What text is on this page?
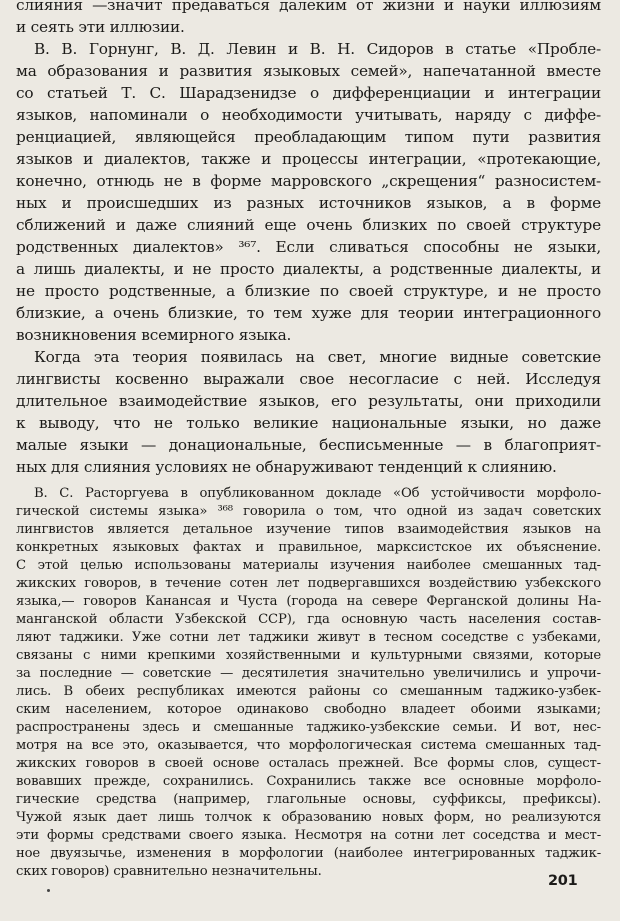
слияния —значит предаваться далеким от жизни и науки иллюзиям
и сеять эти иллюзии.
В. В. Горнунг, В. Д. Левин и В. Н. Сидоров в статье «Пробле-
ма образования и развития языковых семей», напечатанной вместе
со статьей Т. С. Шарадзенидзе о дифференциации и интеграции
языков, напоминали о необходимости учитывать, наряду с диффе-
ренциацией, являющейся преобладающим типом пути развития
языков и диалектов, также и процессы интеграции, «протекающие,
конечно, отнюдь не в форме марровского „скрещения“ разносистем-
ных и происшедших из разных источников языков, а в форме
сближений и даже слияний еще очень близких по своей структуре
родственных диалектов» ³⁶⁷. Если сливаться способны не языки,
а лишь диалекты, и не просто диалекты, а родственные диалекты, и
не просто родственные, а близкие по своей структуре, и не просто
близкие, а очень близкие, то тем хуже для теории интеграционного
возникновения всемирного языка.
Когда эта теория появилась на свет, многие видные советские
лингвисты косвенно выражали свое несогласие с ней. Исследуя
длительное взаимодействие языков, его результаты, они приходили
к выводу, что не только великие национальные языки, но даже
малые языки — донациональные, бесписьменные — в благоприят-
ных для слияния условиях не обнаруживают тенденций к слиянию.
В. С. Расторгуева в опубликованном докладе «Об устойчивости морфоло-
гической системы языка» ³⁶⁸ говорила о том, что одной из задач советских
лингвистов является детальное изучение типов взаимодействия языков на
конкретных языковых фактах и правильное, марксистское их объяснение.
С этой целью использованы материалы изучения наиболее смешанных тад-
жикских говоров, в течение сотен лет подвергавшихся воздействию узбекского
языка,— говоров Канансая и Чуста (города на севере Ферганской долины На-
манганской области Узбекской ССР), гда основную часть населения состав-
ляют таджики. Уже сотни лет таджики живут в тесном соседстве с узбеками,
связаны с ними крепкими хозяйственными и культурными связями, которые
за последние — советские — десятилетия значительно увеличились и упрочи-
лись. В обеих республиках имеются районы со смешанным таджико-узбек-
ским населением, которое одинаково свободно владеет обоими языками;
распространены здесь и смешанные таджико-узбекские семьи. И вот, нес-
мотря на все это, оказывается, что морфологическая система смешанных тад-
жикских говоров в своей основе осталась прежней. Все формы слов, сущест-
вовавших прежде, сохранились. Сохранились также все основные морфоло-
гические средства (например, глагольные основы, суффиксы, префиксы).
Чужой язык дает лишь толчок к образованию новых форм, но реализуются
эти формы средствами своего языка. Несмотря на сотни лет соседства и мест-
ное двуязычье, изменения в морфологии (наиболее интегрированных таджик-
ских говоров) сравнительно незначительны.
201
